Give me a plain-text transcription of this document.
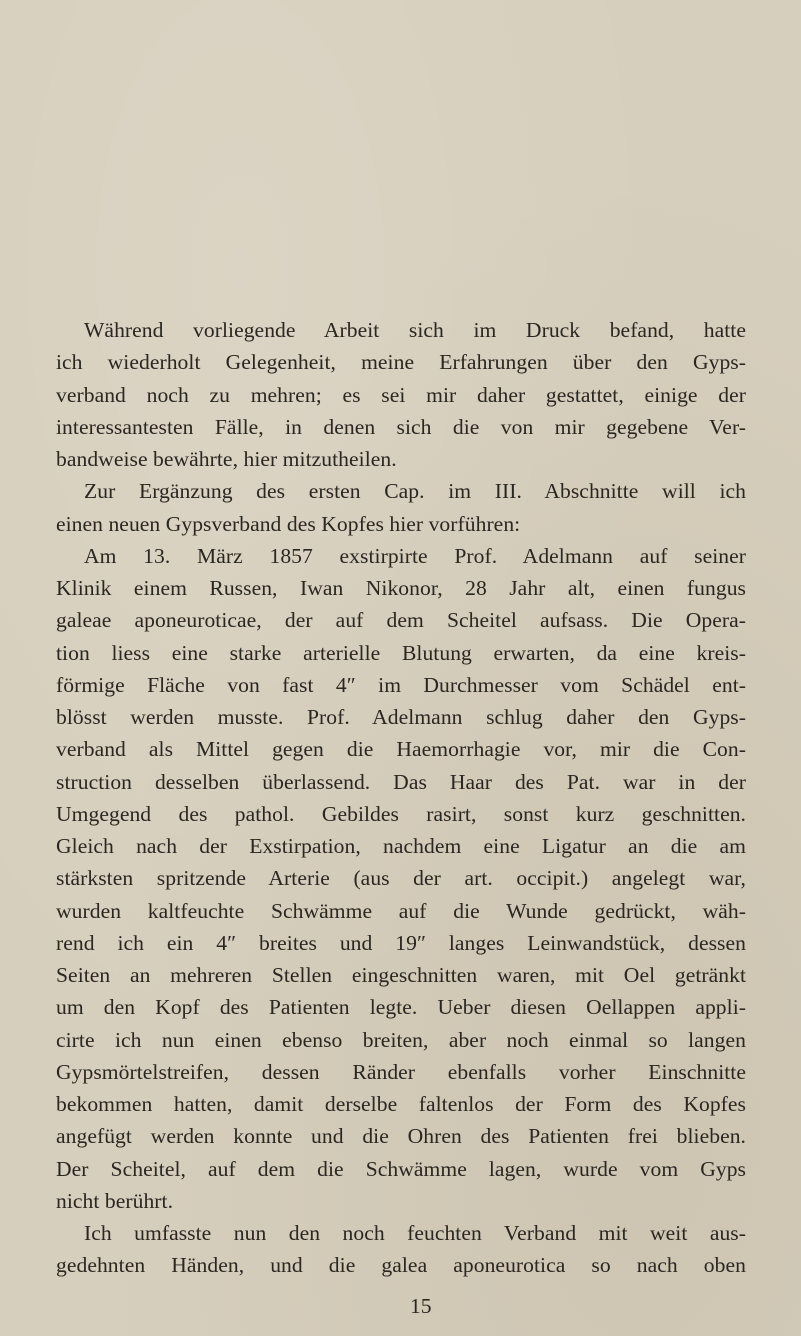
Während vorliegende Arbeit sich im Druck befand, hatte
ich wiederholt Gelegenheit, meine Erfahrungen über den Gyps-
verband noch zu mehren; es sei mir daher gestattet, einige der
interessantesten Fälle, in denen sich die von mir gegebene Ver-
bandweise bewährte, hier mitzutheilen.
Zur Ergänzung des ersten Cap. im III. Abschnitte will ich
einen neuen Gypsverband des Kopfes hier vorführen:
Am 13. März 1857 exstirpirte Prof. Adelmann auf seiner
Klinik einem Russen, Iwan Nikonor, 28 Jahr alt, einen fungus
galeae aponeuroticae, der auf dem Scheitel aufsass. Die Opera-
tion liess eine starke arterielle Blutung erwarten, da eine kreis-
förmige Fläche von fast 4″ im Durchmesser vom Schädel ent-
blösst werden musste. Prof. Adelmann schlug daher den Gyps-
verband als Mittel gegen die Haemorrhagie vor, mir die Con-
struction desselben überlassend. Das Haar des Pat. war in der
Umgegend des pathol. Gebildes rasirt, sonst kurz geschnitten.
Gleich nach der Exstirpation, nachdem eine Ligatur an die am
stärksten spritzende Arterie (aus der art. occipit.) angelegt war,
wurden kaltfeuchte Schwämme auf die Wunde gedrückt, wäh-
rend ich ein 4″ breites und 19″ langes Leinwandstück, dessen
Seiten an mehreren Stellen eingeschnitten waren, mit Oel getränkt
um den Kopf des Patienten legte. Ueber diesen Oellappen appli-
cirte ich nun einen ebenso breiten, aber noch einmal so langen
Gypsmörtelstreifen, dessen Ränder ebenfalls vorher Einschnitte
bekommen hatten, damit derselbe faltenlos der Form des Kopfes
angefügt werden konnte und die Ohren des Patienten frei blieben.
Der Scheitel, auf dem die Schwämme lagen, wurde vom Gyps
nicht berührt.
Ich umfasste nun den noch feuchten Verband mit weit aus-
gedehnten Händen, und die galea aponeurotica so nach oben
15
